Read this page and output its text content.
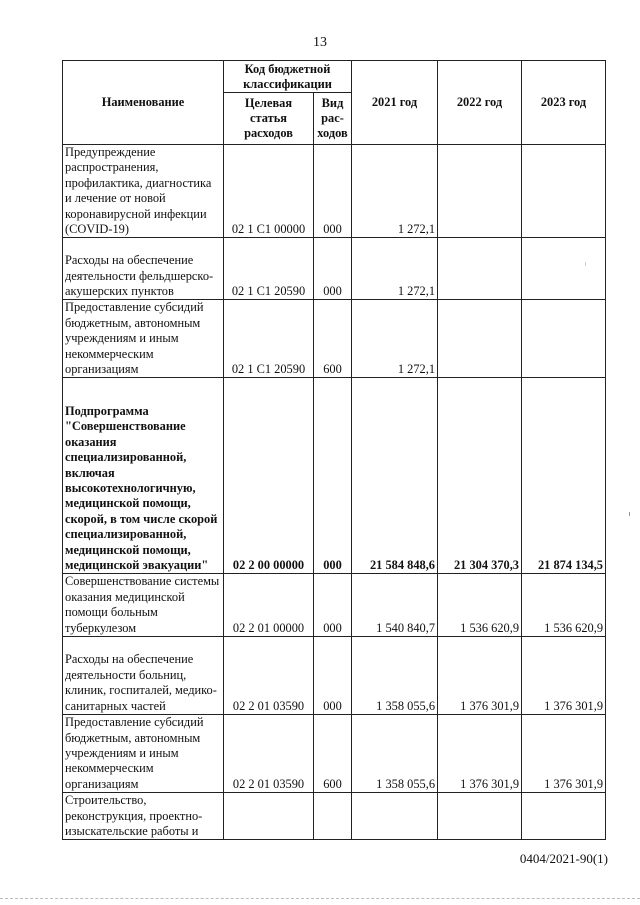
13
Наименование	Код бюджетной классификации		2021 год	2022 год	2023 год
	Целевая статья расходов	Вид рас-ходов			
Предупреждение распространения, профилактика, диагностика и лечение от новой коронавирусной инфекции (COVID-19)	02 1 С1 00000	000	1 272,1		
Расходы на обеспечение деятельности фельдшерско-акушерских пунктов	02 1 С1 20590	000	1 272,1		
Предоставление субсидий бюджетным, автономным учреждениям и иным некоммерческим организациям	02 1 С1 20590	600	1 272,1		
Подпрограмма "Совершенствование оказания специализированной, включая высокотехнологичную, медицинской помощи, скорой, в том числе скорой специализированной, медицинской помощи, медицинской эвакуации"	02 2 00 00000	000	21 584 848,6	21 304 370,3	21 874 134,5
Совершенствование системы оказания медицинской помощи больным туберкулезом	02 2 01 00000	000	1 540 840,7	1 536 620,9	1 536 620,9
Расходы на обеспечение деятельности больниц, клиник, госпиталей, медико-санитарных частей	02 2 01 03590	000	1 358 055,6	1 376 301,9	1 376 301,9
Предоставление субсидий бюджетным, автономным учреждениям и иным некоммерческим организациям	02 2 01 03590	600	1 358 055,6	1 376 301,9	1 376 301,9
Строительство, реконструкция, проектно-изыскательские работы и					
0404/2021-90(1)
